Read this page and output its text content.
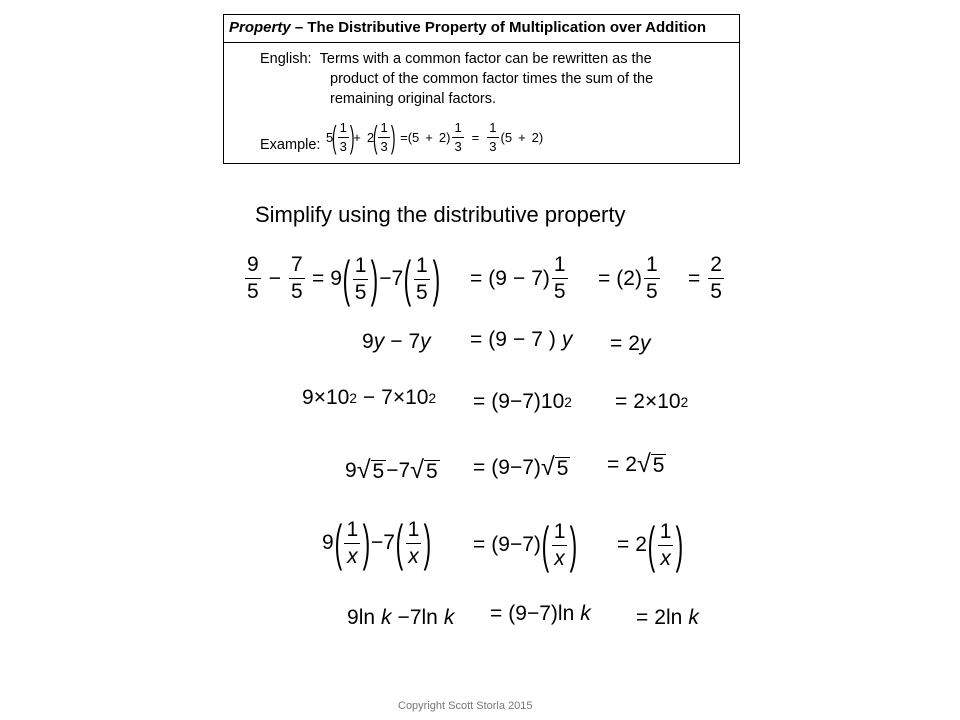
Property – The Distributive Property of Multiplication over Addition
English: Terms with a common factor can be rewritten as the
product of the common factor times the sum of the
remaining original factors.
Example: 5
( $\frac{1}{3}$ )
+ 2
( $\frac{1}{3}$ ) = ( 5 + 2 ) $\frac{1}{3} = \frac{1}{3}$ ( 5 + 2 )
Simplify using the distributive property
$\frac{9}{5} - \frac{7}{5} = 9$ ( $\frac{1}{5}$ ) − 7 ( $\frac{1}{5}$ ) = ( 9 − 7 ) $\frac{1}{5}$ = ( 2 ) $\frac{1}{5} = \frac{2}{5}$
9 y − 7 y = ( 9 − 7 ) y = 2 y
9 × 10 2 − 7 × 10 2 = ( 9 − 7 ) 10 2 = 2 × 10 2
9 √ 5 − 7 √ 5 = ( 9 − 7 ) √ 5 = 2 √ 5
9 ( $\frac{1}{x}$ ) − 7 ( $\frac{1}{x}$ ) = ( 9 − 7 ) ( $\frac{1}{x}$ ) = 2 ( $\frac{1}{x}$ )
9 ln k − 7 ln k = ( 9 − 7 ) ln k = 2 ln k
Copyright Scott Storla 2015
